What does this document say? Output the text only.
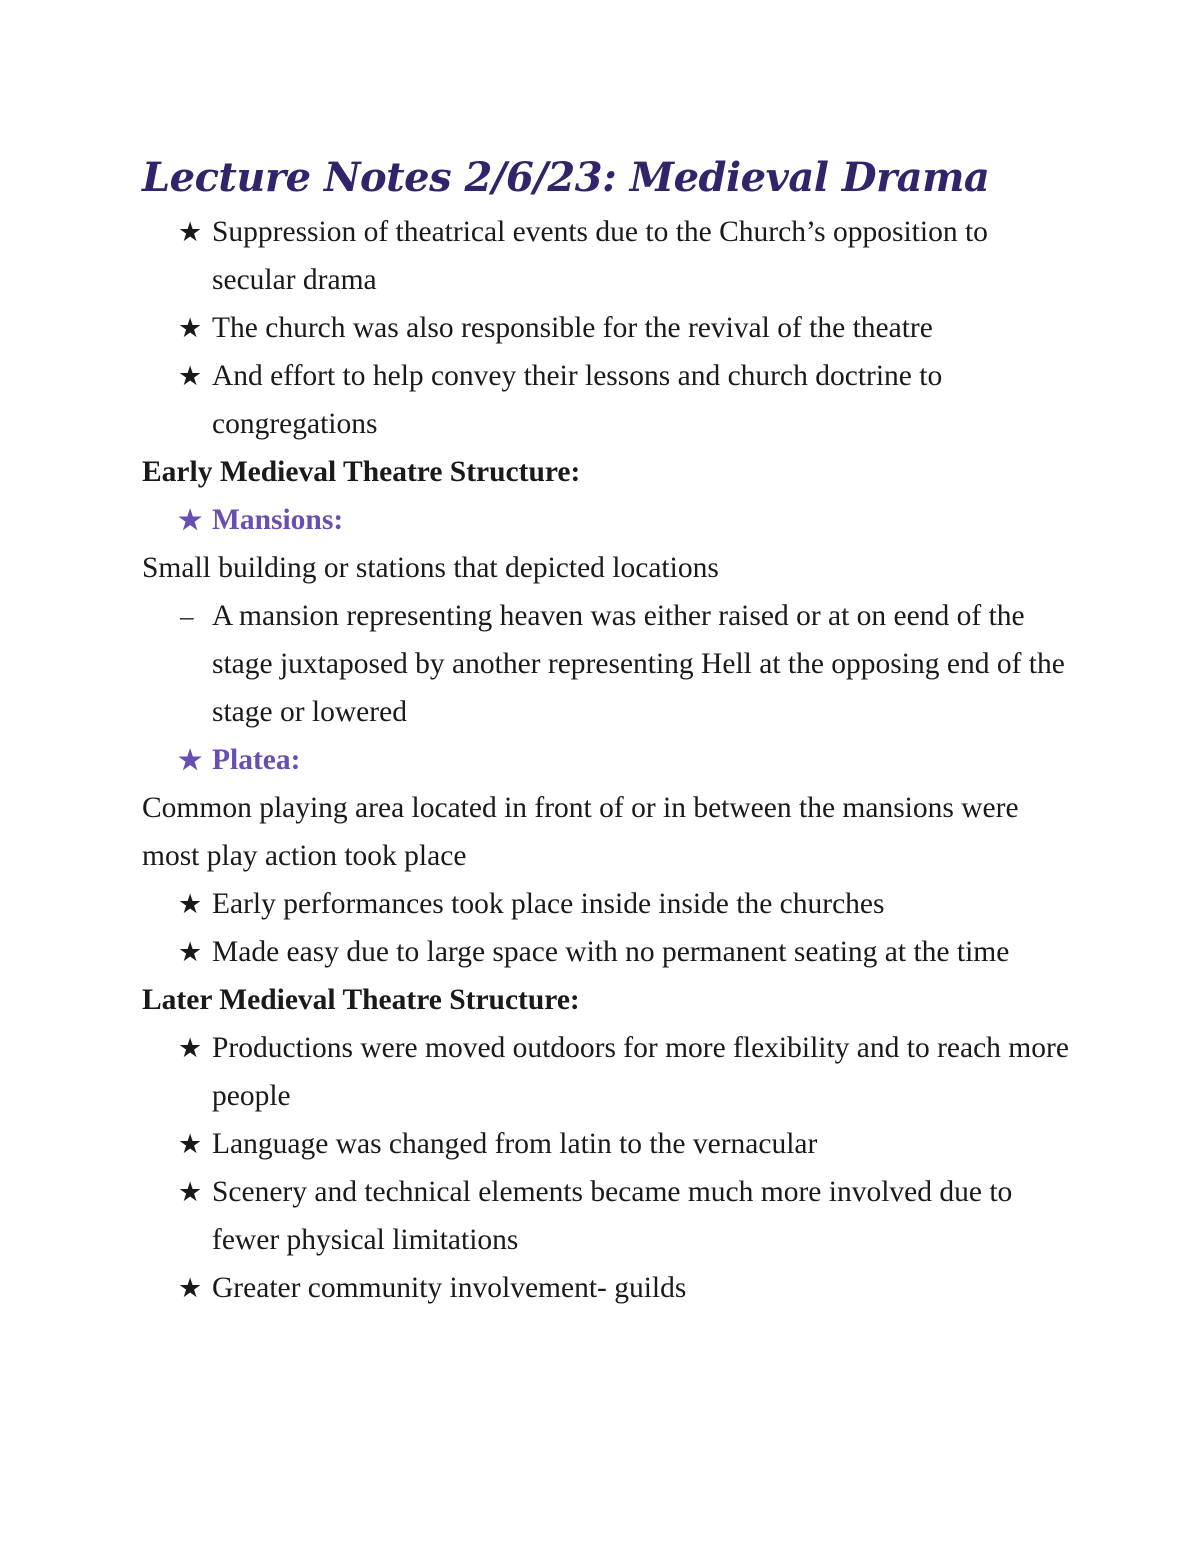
Lecture Notes 2/6/23: Medieval Drama

★ Suppression of theatrical events due to the Church’s opposition to secular drama

★ The church was also responsible for the revival of the theatre

★ And effort to help convey their lessons and church doctrine to congregations

Early Medieval Theatre Structure:

★ Mansions:

Small building or stations that depicted locations

– A mansion representing heaven was either raised or at on eend of the stage juxtaposed by another representing Hell at the opposing end of the stage or lowered

★ Platea:

Common playing area located in front of or in between the mansions were most play action took place

★ Early performances took place inside inside the churches

★ Made easy due to large space with no permanent seating at the time

Later Medieval Theatre Structure:

★ Productions were moved outdoors for more flexibility and to reach more people

★ Language was changed from latin to the vernacular

★ Scenery and technical elements became much more involved due to fewer physical limitations

★ Greater community involvement- guilds
